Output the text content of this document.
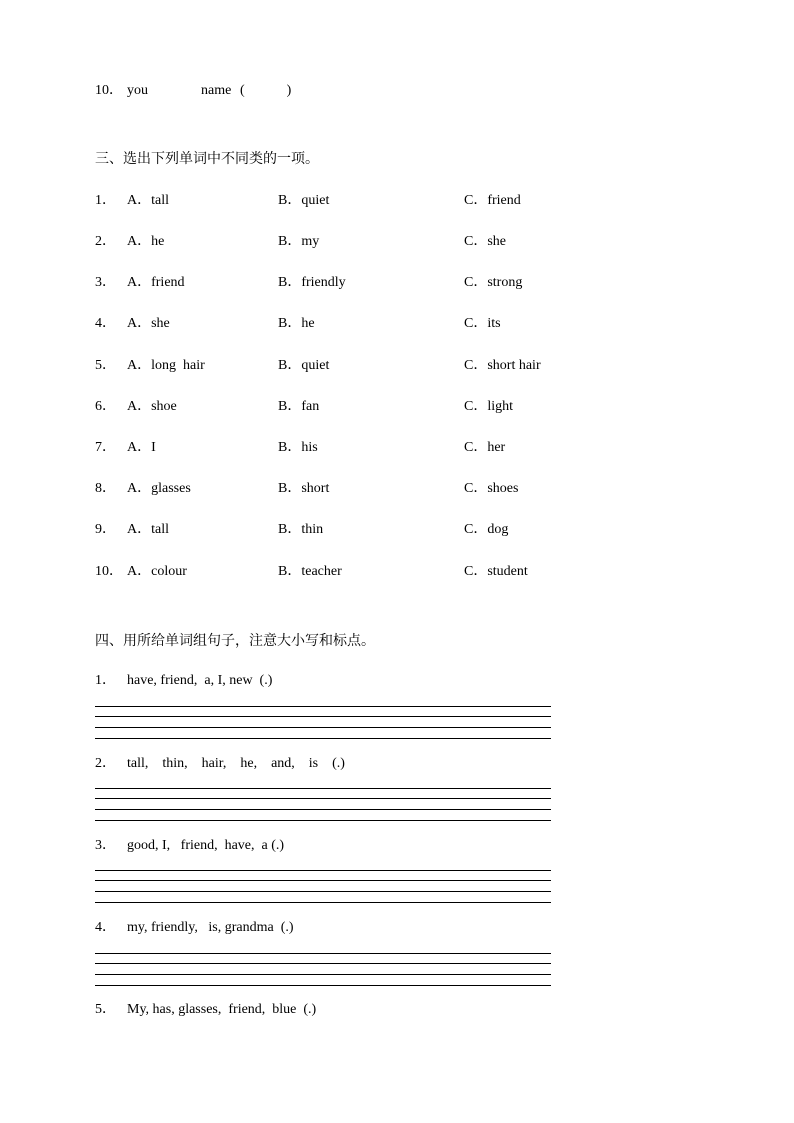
10． you	name (            )
三、选出下列单词中不同类的一项。
1． A．tall	B．quiet	C．friend
2． A．he	B．my	C．she
3． A．friend	B．friendly	C．strong
4． A．she	B．he	C．its
5． A．long  hair	B．quiet	C．short hair
6． A．shoe	B．fan	C．light
7． A．I	B．his	C．her
8． A．glasses	B．short	C．shoes
9． A．tall	B．thin	C．dog
10． A．colour	B．teacher	C．student
四、用所给单词组句子，注意大小写和标点。
1． have, friend,  a, I, new  (.)
2． tall,    thin,    hair,    he,    and,    is    (.)
3． good, I,   friend,  have,  a (.)
4． my, friendly,   is, grandma  (.)
5． My, has, glasses,  friend,  blue  (.)
